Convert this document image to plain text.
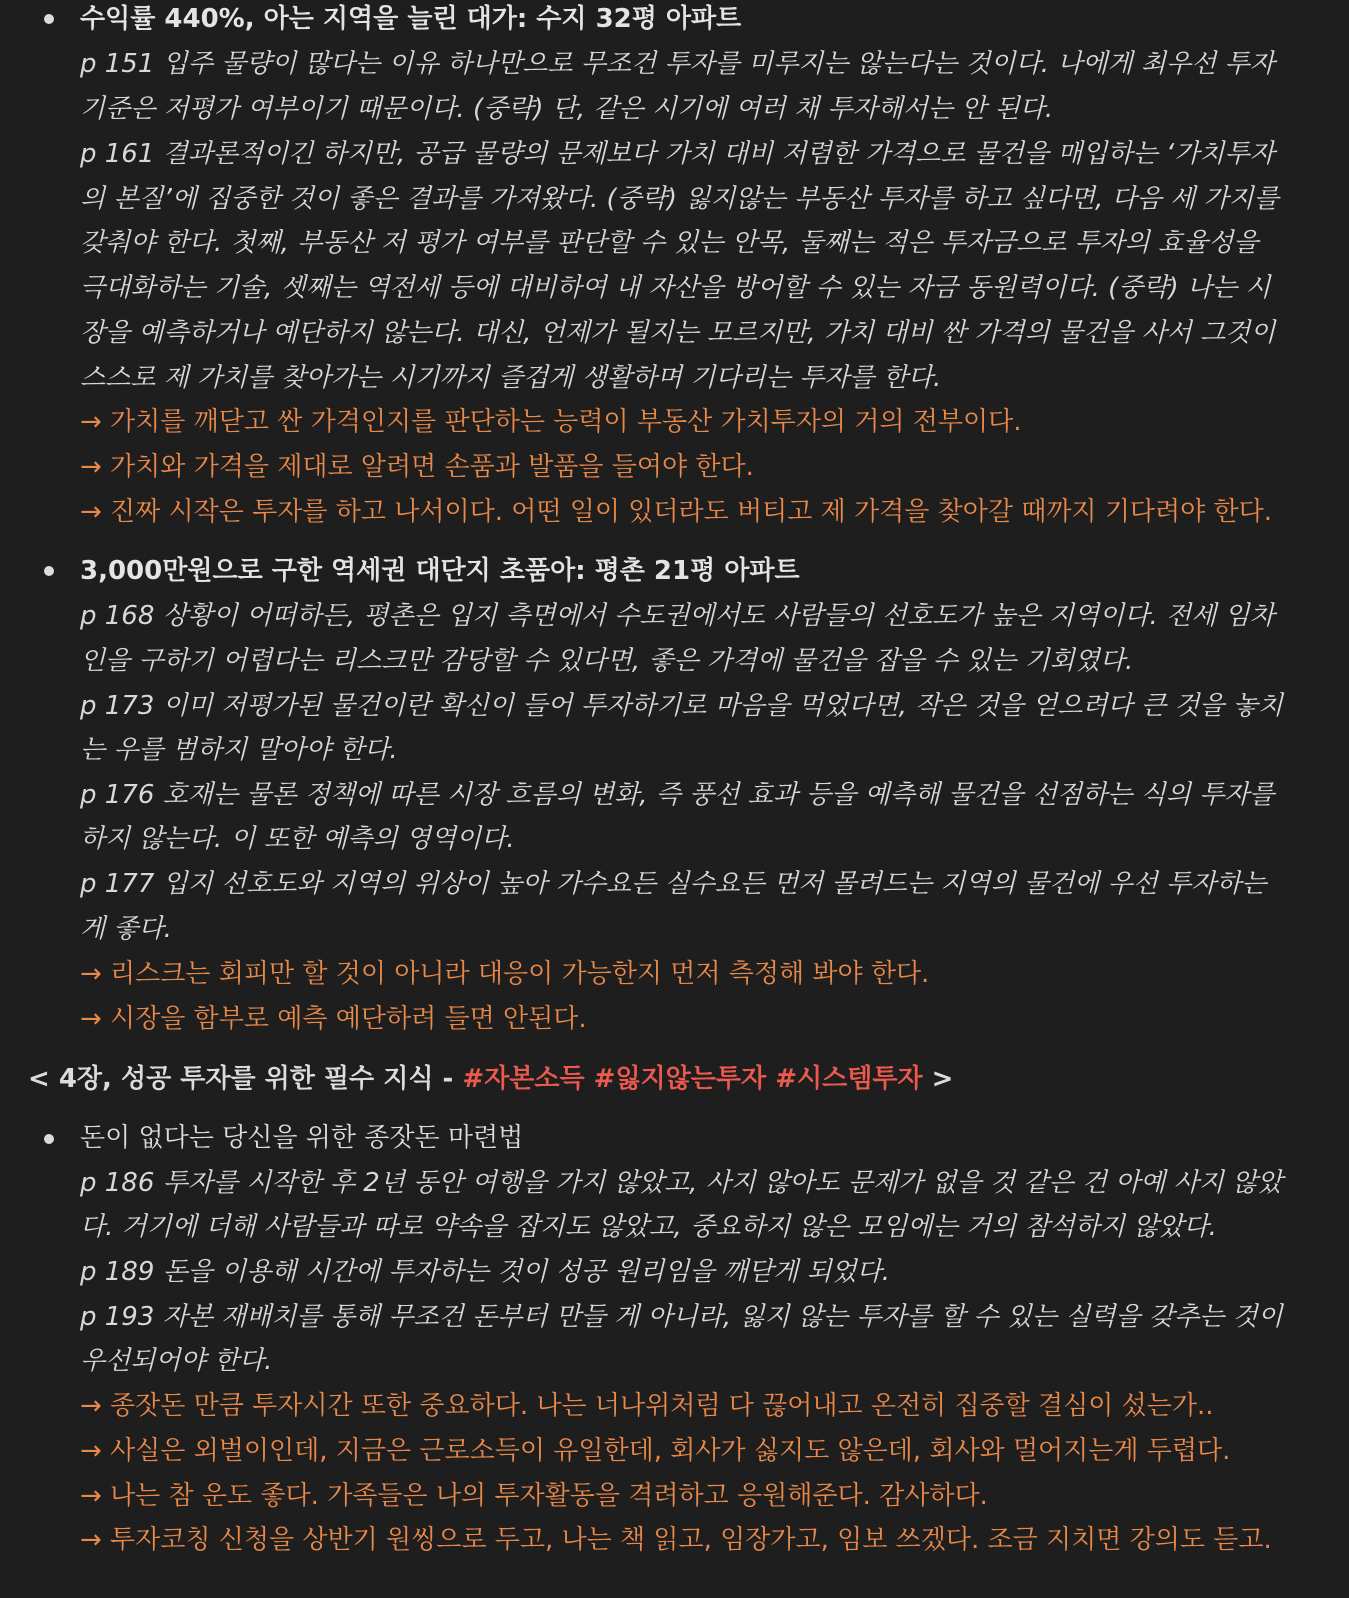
수익률 440%, 아는 지역을 늘린 대가: 수지 32평 아파트
p 151 입주 물량이 많다는 이유 하나만으로 무조건 투자를 미루지는 않는다는 것이다. 나에게 최우선 투자
기준은 저평가 여부이기 때문이다. (중략) 단, 같은 시기에 여러 채 투자해서는 안 된다.
p 161 결과론적이긴 하지만, 공급 물량의 문제보다 가치 대비 저렴한 가격으로 물건을 매입하는 ‘가치투자
의 본질’에 집중한 것이 좋은 결과를 가져왔다. (중략) 잃지않는 부동산 투자를 하고 싶다면, 다음 세 가지를
갖춰야 한다. 첫째, 부동산 저 평가 여부를 판단할 수 있는 안목, 둘째는 적은 투자금으로 투자의 효율성을
극대화하는 기술, 셋째는 역전세 등에 대비하여 내 자산을 방어할 수 있는 자금 동원력이다. (중략) 나는 시
장을 예측하거나 예단하지 않는다. 대신, 언제가 될지는 모르지만, 가치 대비 싼 가격의 물건을 사서 그것이
스스로 제 가치를 찾아가는 시기까지 즐겁게 생활하며 기다리는 투자를 한다.
→ 가치를 깨닫고 싼 가격인지를 판단하는 능력이 부동산 가치투자의 거의 전부이다.
→ 가치와 가격을 제대로 알려면 손품과 발품을 들여야 한다.
→ 진짜 시작은 투자를 하고 나서이다. 어떤 일이 있더라도 버티고 제 가격을 찾아갈 때까지 기다려야 한다.
3,000만원으로 구한 역세권 대단지 초품아: 평촌 21평 아파트
p 168 상황이 어떠하든, 평촌은 입지 측면에서 수도권에서도 사람들의 선호도가 높은 지역이다. 전세 임차
인을 구하기 어렵다는 리스크만 감당할 수 있다면, 좋은 가격에 물건을 잡을 수 있는 기회였다.
p 173 이미 저평가된 물건이란 확신이 들어 투자하기로 마음을 먹었다면, 작은 것을 얻으려다 큰 것을 놓치
는 우를 범하지 말아야 한다.
p 176 호재는 물론 정책에 따른 시장 흐름의 변화, 즉 풍선 효과 등을 예측해 물건을 선점하는 식의 투자를
하지 않는다. 이 또한 예측의 영역이다.
p 177 입지 선호도와 지역의 위상이 높아 가수요든 실수요든 먼저 몰려드는 지역의 물건에 우선 투자하는
게 좋다.
→ 리스크는 회피만 할 것이 아니라 대응이 가능한지 먼저 측정해 봐야 한다.
→ 시장을 함부로 예측 예단하려 들면 안된다.
< 4장, 성공 투자를 위한 필수 지식 - #자본소득 #잃지않는투자 #시스템투자 >
돈이 없다는 당신을 위한 종잣돈 마련법
p 186 투자를 시작한 후 2년 동안 여행을 가지 않았고, 사지 않아도 문제가 없을 것 같은 건 아예 사지 않았
다. 거기에 더해 사람들과 따로 약속을 잡지도 않았고, 중요하지 않은 모임에는 거의 참석하지 않았다.
p 189 돈을 이용해 시간에 투자하는 것이 성공 원리임을 깨닫게 되었다.
p 193 자본 재배치를 통해 무조건 돈부터 만들 게 아니라, 잃지 않는 투자를 할 수 있는 실력을 갖추는 것이
우선되어야 한다.
→ 종잣돈 만큼 투자시간 또한 중요하다. 나는 너나위처럼 다 끊어내고 온전히 집중할 결심이 섰는가..
→ 사실은 외벌이인데, 지금은 근로소득이 유일한데, 회사가 싫지도 않은데, 회사와 멀어지는게 두렵다.
→ 나는 참 운도 좋다. 가족들은 나의 투자활동을 격려하고 응원해준다. 감사하다.
→ 투자코칭 신청을 상반기 원씽으로 두고, 나는 책 읽고, 임장가고, 임보 쓰겠다. 조금 지치면 강의도 듣고.
